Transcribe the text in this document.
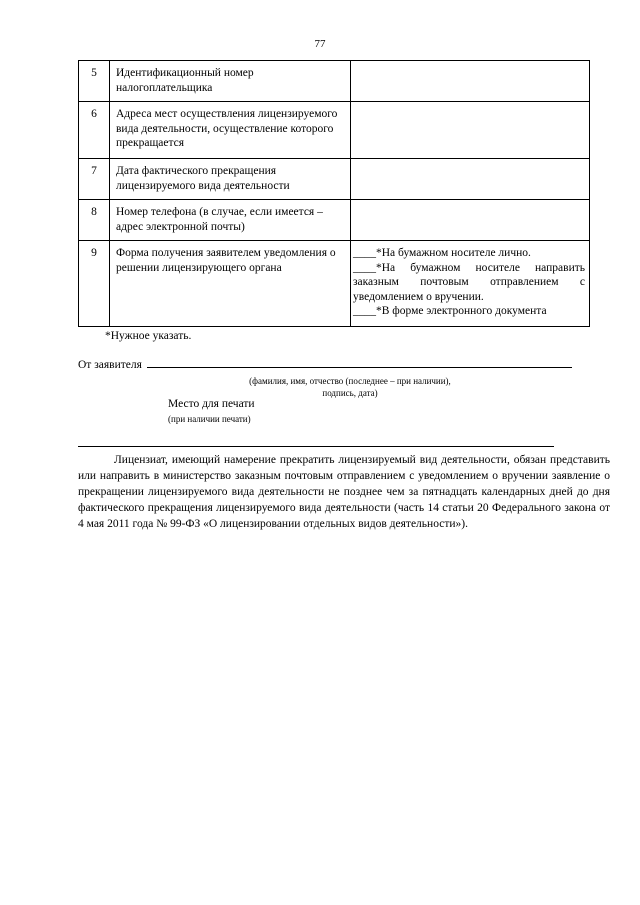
77
5	Идентификационный номер налогоплательщика	
6	Адреса мест осуществления лицензируемого вида деятельности, осуществление которого прекращается	
7	Дата фактического прекращения лицензируемого вида деятельности	
8	Номер телефона (в случае, если имеется – адрес электронной почты)	
9	Форма получения заявителем уведомления о решении лицензирующего органа	____*На бумажном носителе лично.
____*На бумажном носителе направить заказным почтовым отправлением с уведомлением о вручении.
____*В форме электронного документа
*Нужное указать.
От заявителя
(фамилия, имя, отчество (последнее – при наличии),
подпись, дата)
Место для печати
(при наличии печати)
Лицензиат, имеющий намерение прекратить лицензируемый вид деятельности, обязан представить или направить в министерство заказным почтовым отправлением с уведомлением о вручении заявление о прекращении лицензируемого вида деятельности не позднее чем за пятнадцать календарных дней до дня фактического прекращения лицензируемого вида деятельности (часть 14 статьи 20 Федерального закона от 4 мая 2011 года № 99-ФЗ «О лицензировании отдельных видов деятельности»).
